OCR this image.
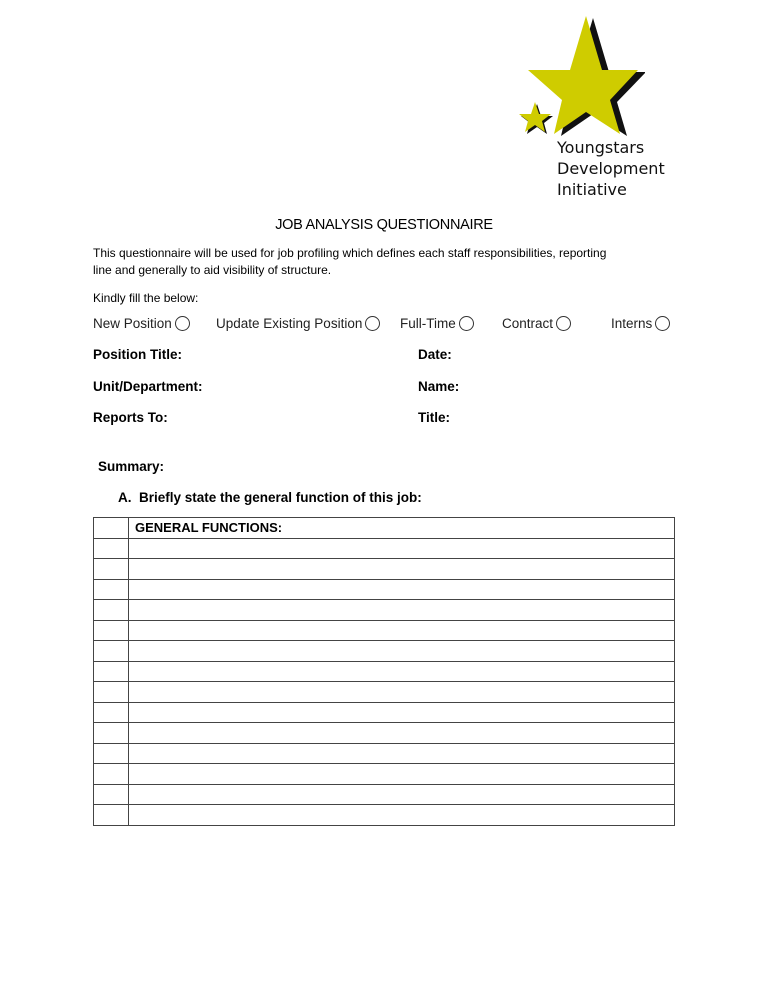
Youngstars
Development
Initiative
JOB ANALYSIS QUESTIONNAIRE
This questionnaire will be used for job profiling which defines each staff responsibilities, reporting
line and generally to aid visibility of structure.
Kindly fill the below:
New Position	Update Existing Position	Full-Time	Contract	Interns
Position Title:	Date:
Unit/Department:	Name:
Reports To:	Title:
Summary:
A.  Briefly state the general function of this job:
	GENERAL FUNCTIONS:
